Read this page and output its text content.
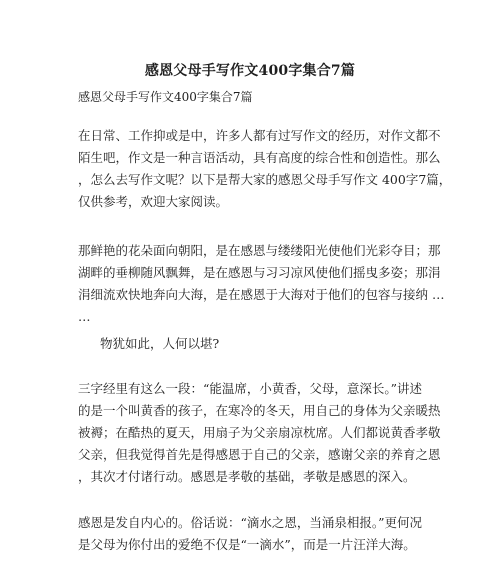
感恩父母手写作文400字集合7篇
感恩父母手写作文400字集合7篇

在日常、工作抑或是中，许多人都有过写作文的经历，对作文都不
陌生吧，作文是一种言语活动，具有高度的综合性和创造性。那么
，怎么去写作文呢？以下是帮大家的感恩父母手写作文 400字7篇，
仅供参考，欢迎大家阅读。

那鲜艳的花朵面向朝阳，是在感恩与缕缕阳光使他们光彩夺目；那
湖畔的垂柳随风飘舞，是在感恩与习习凉风使他们摇曳多姿；那涓
涓细流欢快地奔向大海，是在感恩于大海对于他们的包容与接纳 …
…

物犹如此，人何以堪?

三字经里有这么一段：“能温席，小黄香，父母，意深长。”讲述
的是一个叫黄香的孩子，在寒冷的冬天，用自己的身体为父亲暖热
被褥；在酷热的夏天，用扇子为父亲扇凉枕席。人们都说黄香孝敬
父亲，但我觉得首先是得感恩于自己的父亲，感谢父亲的养育之恩
，其次才付诸行动。感恩是孝敬的基础，孝敬是感恩的深入。

感恩是发自内心的。俗话说：“滴水之恩，当涌泉相报。”更何况
是父母为你付出的爱绝不仅是“一滴水”，而是一片汪洋大海。
